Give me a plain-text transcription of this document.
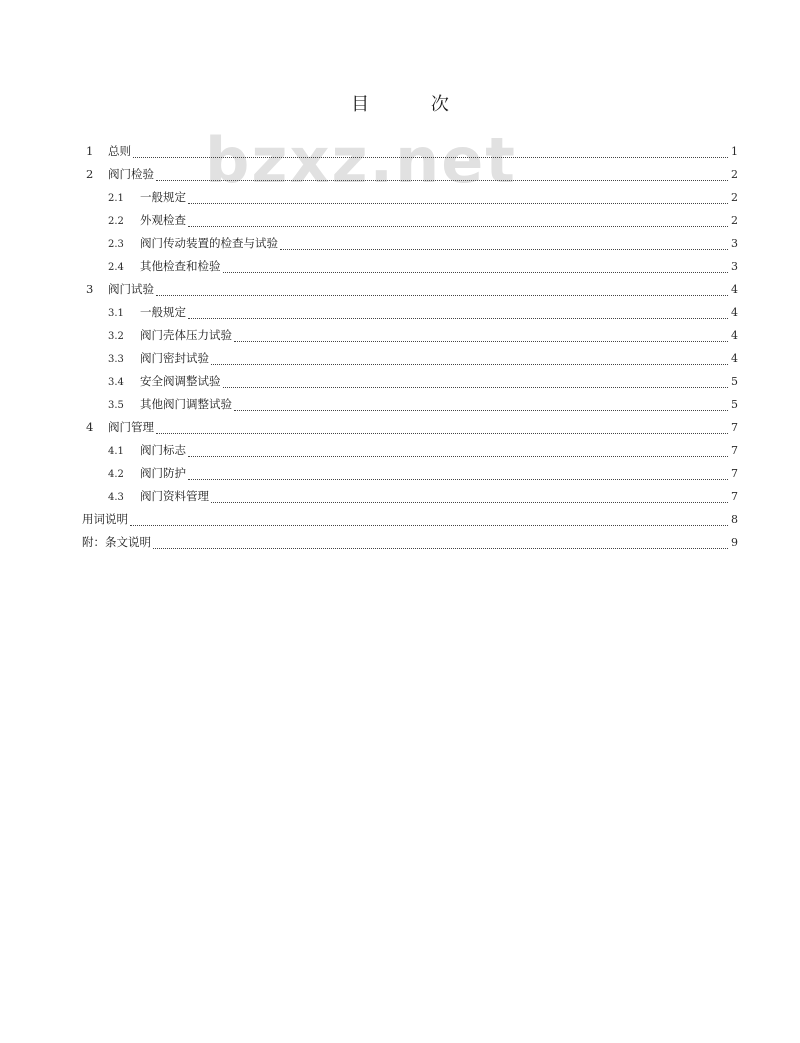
目 次
bzxz.net
1	总则	1
2	阀门检验	2
2.1	一般规定	2
2.2	外观检查	2
2.3	阀门传动装置的检查与试验	3
2.4	其他检查和检验	3
3	阀门试验	4
3.1	一般规定	4
3.2	阀门壳体压力试验	4
3.3	阀门密封试验	4
3.4	安全阀调整试验	5
3.5	其他阀门调整试验	5
4	阀门管理	7
4.1	阀门标志	7
4.2	阀门防护	7
4.3	阀门资料管理	7
用词说明	8
附：条文说明	9
